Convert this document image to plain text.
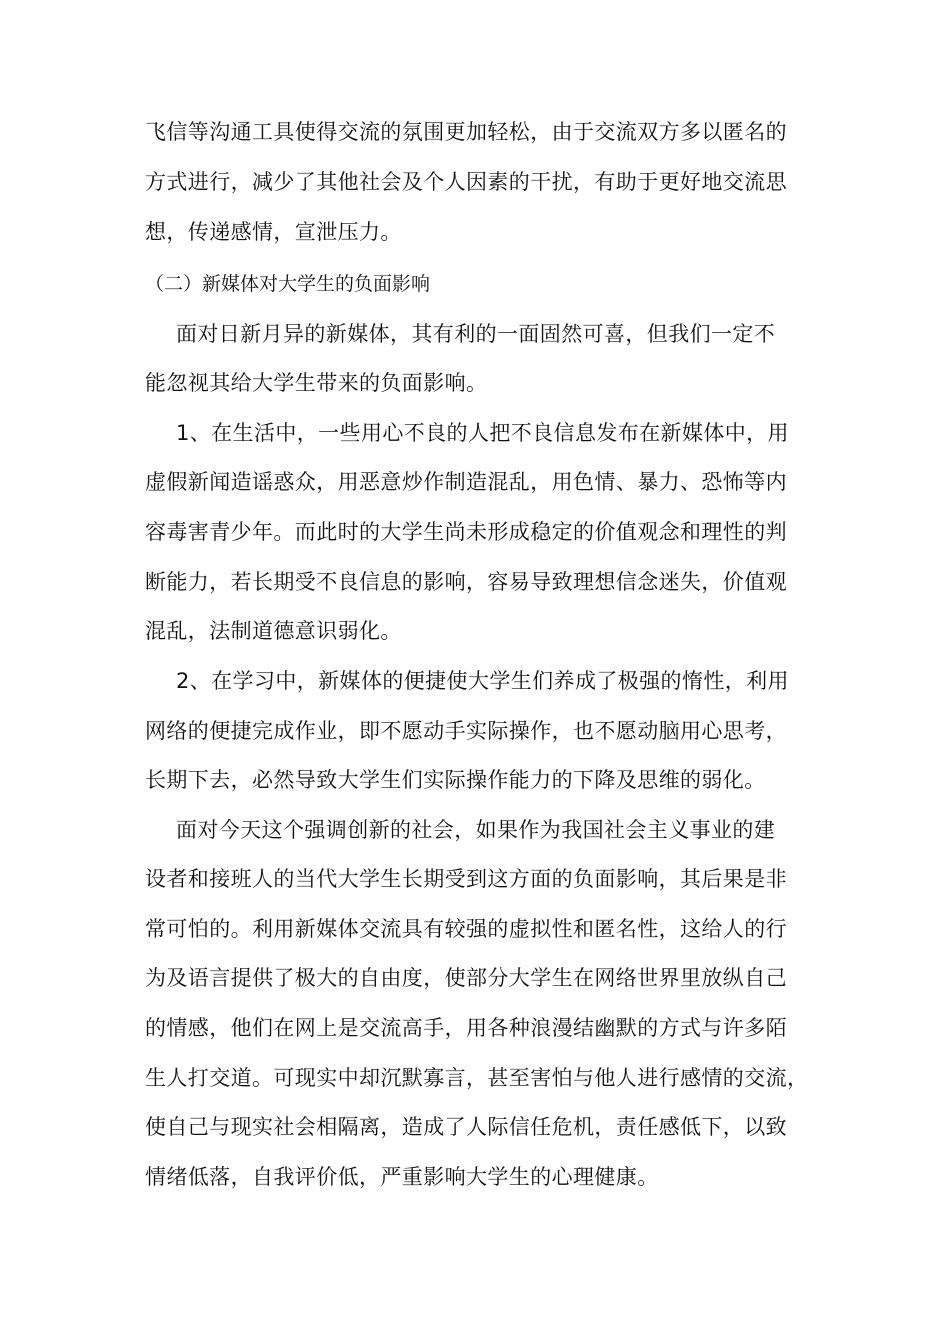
飞信等沟通工具使得交流的氛围更加轻松，由于交流双方多以匿名的
方式进行，减少了其他社会及个人因素的干扰，有助于更好地交流思
想，传递感情，宣泄压力。
（二）新媒体对大学生的负面影响
面对日新月异的新媒体，其有利的一面固然可喜，但我们一定不
能忽视其给大学生带来的负面影响。
1、在生活中，一些用心不良的人把不良信息发布在新媒体中，用
虚假新闻造谣惑众，用恶意炒作制造混乱，用色情、暴力、恐怖等内
容毒害青少年。而此时的大学生尚未形成稳定的价值观念和理性的判
断能力，若长期受不良信息的影响，容易导致理想信念迷失，价值观
混乱，法制道德意识弱化。
2、在学习中，新媒体的便捷使大学生们养成了极强的惰性，利用
网络的便捷完成作业，即不愿动手实际操作，也不愿动脑用心思考，
长期下去，必然导致大学生们实际操作能力的下降及思维的弱化。
面对今天这个强调创新的社会，如果作为我国社会主义事业的建
设者和接班人的当代大学生长期受到这方面的负面影响，其后果是非
常可怕的。利用新媒体交流具有较强的虚拟性和匿名性，这给人的行
为及语言提供了极大的自由度，使部分大学生在网络世界里放纵自己
的情感，他们在网上是交流高手，用各种浪漫结幽默的方式与许多陌
生人打交道。可现实中却沉默寡言，甚至害怕与他人进行感情的交流，
使自己与现实社会相隔离，造成了人际信任危机，责任感低下，以致
情绪低落，自我评价低，严重影响大学生的心理健康。
